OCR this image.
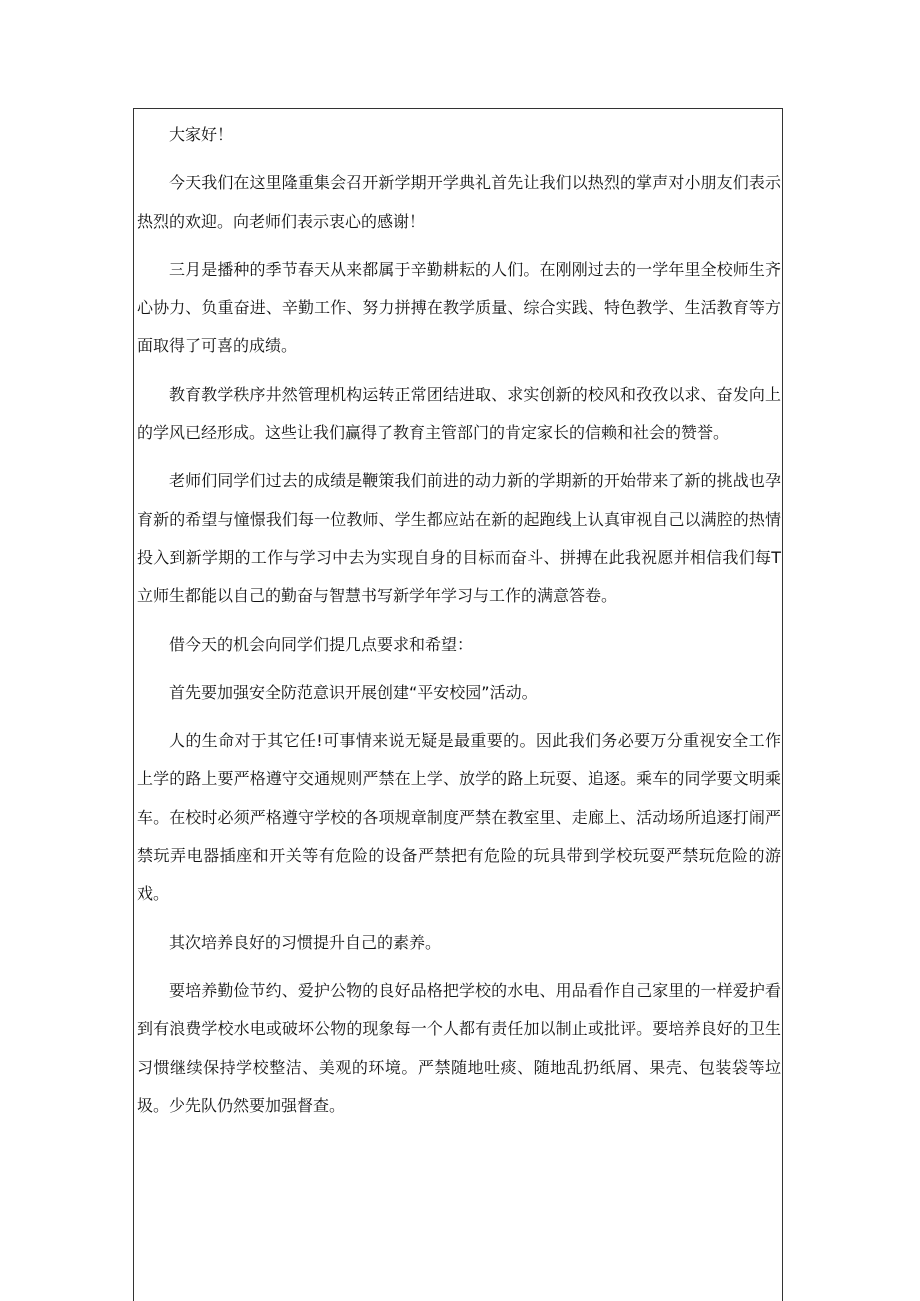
大家好！

今天我们在这里隆重集会召开新学期开学典礼首先让我们以热烈的掌声对小朋友们表示热烈的欢迎。向老师们表示衷心的感谢！

三月是播种的季节春天从来都属于辛勤耕耘的人们。在刚刚过去的一学年里全校师生齐心协力、负重奋进、辛勤工作、努力拼搏在教学质量、综合实践、特色教学、生活教育等方面取得了可喜的成绩。

教育教学秩序井然管理机构运转正常团结进取、求实创新的校风和孜孜以求、奋发向上的学风已经形成。这些让我们赢得了教育主管部门的肯定家长的信赖和社会的赞誉。

老师们同学们过去的成绩是鞭策我们前进的动力新的学期新的开始带来了新的挑战也孕育新的希望与憧憬我们每一位教师、学生都应站在新的起跑线上认真审视自己以满腔的热情投入到新学期的工作与学习中去为实现自身的目标而奋斗、拼搏在此我祝愿并相信我们每T立师生都能以自己的勤奋与智慧书写新学年学习与工作的满意答卷。

借今天的机会向同学们提几点要求和希望：

首先要加强安全防范意识开展创建“平安校园”活动。

人的生命对于其它任!可事情来说无疑是最重要的。因此我们务必要万分重视安全工作上学的路上要严格遵守交通规则严禁在上学、放学的路上玩耍、追逐。乘车的同学要文明乘车。在校时必须严格遵守学校的各项规章制度严禁在教室里、走廊上、活动场所追逐打闹严禁玩弄电器插座和开关等有危险的设备严禁把有危险的玩具带到学校玩耍严禁玩危险的游戏。

其次培养良好的习惯提升自己的素养。

要培养勤俭节约、爱护公物的良好品格把学校的水电、用品看作自己家里的一样爱护看到有浪费学校水电或破坏公物的现象每一个人都有责任加以制止或批评。要培养良好的卫生习惯继续保持学校整洁、美观的环境。严禁随地吐痰、随地乱扔纸屑、果壳、包装袋等垃圾。少先队仍然要加强督查。
